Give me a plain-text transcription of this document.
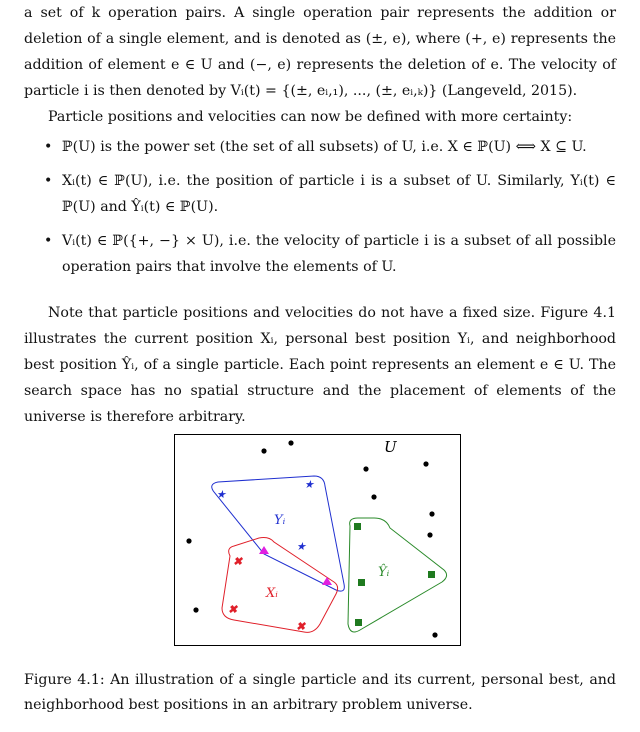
a set of k operation pairs. A single operation pair represents the addition or deletion of a single element, and is denoted as (±, e), where (+, e) represents the addition of element e ∈ U and (−, e) represents the deletion of e. The velocity of particle i is then denoted by Vᵢ(t) = {(±, eᵢ,₁), ..., (±, eᵢ,ₖ)} (Langeveld, 2015).

Particle positions and velocities can now be defined with more certainty:

• ℙ(U) is the power set (the set of all subsets) of U, i.e. X ∈ ℙ(U) ⟺ X ⊆ U.
• Xᵢ(t) ∈ ℙ(U), i.e. the position of particle i is a subset of U. Similarly, Yᵢ(t) ∈ ℙ(U) and Ŷᵢ(t) ∈ ℙ(U).
• Vᵢ(t) ∈ ℙ({+, −} × U), i.e. the velocity of particle i is a subset of all possible operation pairs that involve the elements of U.

Note that particle positions and velocities do not have a fixed size. Figure 4.1 illustrates the current position Xᵢ, personal best position Yᵢ, and neighborhood best position Ŷᵢ, of a single particle. Each point represents an element e ∈ U. The search space has no spatial structure and the placement of elements of the universe is therefore arbitrary.

U
Yᵢ
Xᵢ
Ŷᵢ
★
★
★
✖
✖
✖

Figure 4.1: An illustration of a single particle and its current, personal best, and neighborhood best positions in an arbitrary problem universe.
